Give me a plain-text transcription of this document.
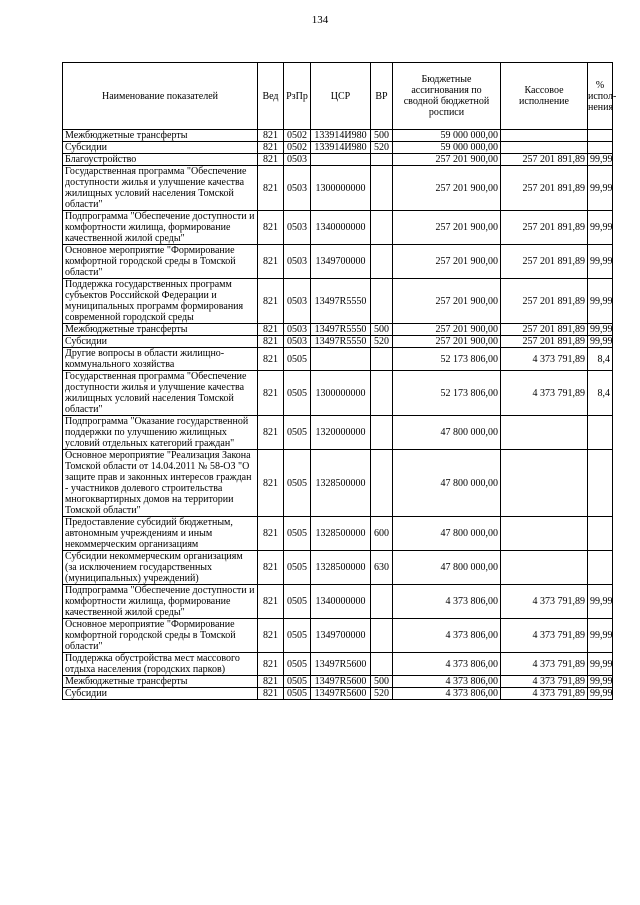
134
Наименование показателей	Вед	РзПр	ЦСР	ВР	Бюджетные ассигнования по сводной бюджетной росписи	Кассовое исполнение	% испол-нения
Межбюджетные трансферты	821	0502	133914И980	500	59 000 000,00		
Субсидии	821	0502	133914И980	520	59 000 000,00		
Благоустройство	821	0503			257 201 900,00	257 201 891,89	99,99
Государственная программа "Обеспечение доступности жилья и улучшение качества жилищных условий населения Томской области"	821	0503	1300000000		257 201 900,00	257 201 891,89	99,99
Подпрограмма "Обеспечение доступности и комфортности жилища, формирование качественной жилой среды"	821	0503	1340000000		257 201 900,00	257 201 891,89	99,99
Основное мероприятие "Формирование комфортной городской среды в Томской области"	821	0503	1349700000		257 201 900,00	257 201 891,89	99,99
Поддержка государственных программ субъектов Российской Федерации и муниципальных программ формирования современной городской среды	821	0503	13497R5550		257 201 900,00	257 201 891,89	99,99
Межбюджетные трансферты	821	0503	13497R5550	500	257 201 900,00	257 201 891,89	99,99
Субсидии	821	0503	13497R5550	520	257 201 900,00	257 201 891,89	99,99
Другие вопросы в области жилищно-коммунального хозяйства	821	0505			52 173 806,00	4 373 791,89	8,4
Государственная программа "Обеспечение доступности жилья и улучшение качества жилищных условий населения Томской области"	821	0505	1300000000		52 173 806,00	4 373 791,89	8,4
Подпрограмма "Оказание государственной поддержки по улучшению жилищных условий отдельных категорий граждан"	821	0505	1320000000		47 800 000,00		
Основное мероприятие "Реализация Закона Томской области от 14.04.2011 № 58-ОЗ "О защите прав и законных интересов граждан - участников долевого строительства многоквартирных домов на территории Томской области"	821	0505	1328500000		47 800 000,00		
Предоставление субсидий бюджетным, автономным учреждениям и иным некоммерческим организациям	821	0505	1328500000	600	47 800 000,00		
Субсидии некоммерческим организациям (за исключением государственных (муниципальных) учреждений)	821	0505	1328500000	630	47 800 000,00		
Подпрограмма "Обеспечение доступности и комфортности жилища, формирование качественной жилой среды"	821	0505	1340000000		4 373 806,00	4 373 791,89	99,99
Основное мероприятие "Формирование комфортной городской среды в Томской области"	821	0505	1349700000		4 373 806,00	4 373 791,89	99,99
Поддержка обустройства мест массового отдыха населения (городских парков)	821	0505	13497R5600		4 373 806,00	4 373 791,89	99,99
Межбюджетные трансферты	821	0505	13497R5600	500	4 373 806,00	4 373 791,89	99,99
Субсидии	821	0505	13497R5600	520	4 373 806,00	4 373 791,89	99,99
